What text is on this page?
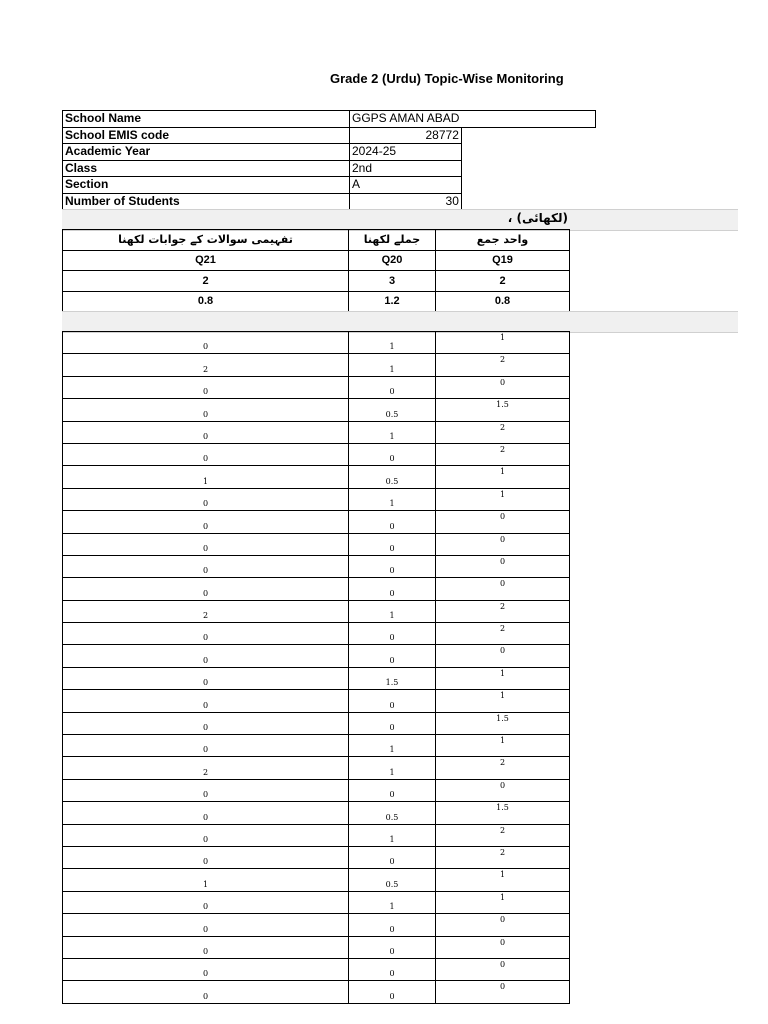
Grade 2 (Urdu) Topic-Wise Monitoring
School Name	GGPS AMAN ABAD	
School EMIS code	28772	
Academic Year	2024-25	
Class	2nd	
Section	A	
Number of Students	30	
(لکھائی) ،
تفہیمی سوالات کے جوابات لکھنا	جملے لکھنا	واحد جمع
Q21	Q20	Q19
2	3	2
0.8	1.2	0.8
0	1	1
2	1	2
0	0	0
0	0.5	1.5
0	1	2
0	0	2
1	0.5	1
0	1	1
0	0	0
0	0	0
0	0	0
0	0	0
2	1	2
0	0	2
0	0	0
0	1.5	1
0	0	1
0	0	1.5
0	1	1
2	1	2
0	0	0
0	0.5	1.5
0	1	2
0	0	2
1	0.5	1
0	1	1
0	0	0
0	0	0
0	0	0
0	0	0
